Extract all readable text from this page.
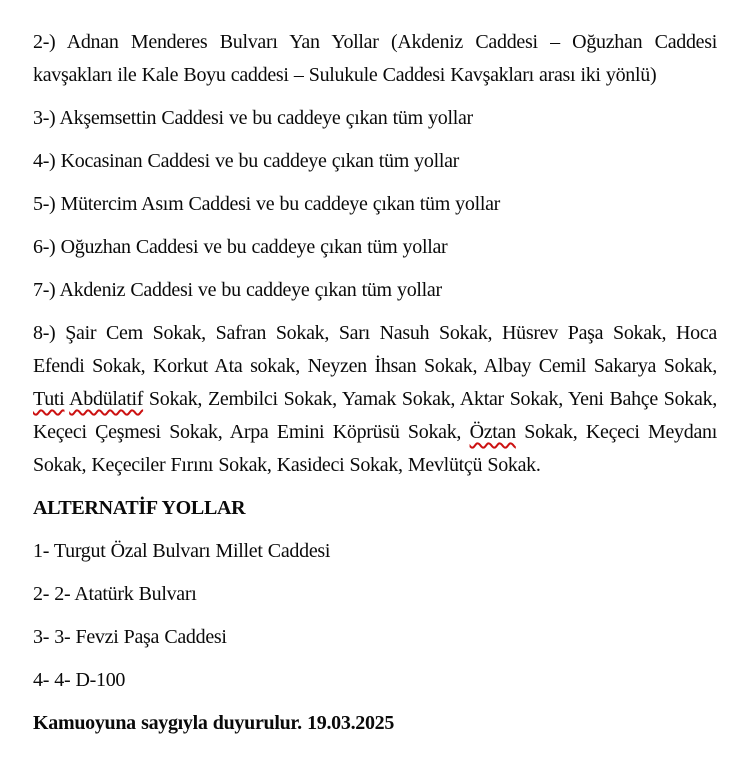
2-) Adnan Menderes Bulvarı Yan Yollar (Akdeniz Caddesi – Oğuzhan Caddesi kavşakları ile Kale Boyu caddesi – Sulukule Caddesi Kavşakları arası iki yönlü)

3-) Akşemsettin Caddesi ve bu caddeye çıkan tüm yollar

4-) Kocasinan Caddesi ve bu caddeye çıkan tüm yollar

5-) Mütercim Asım Caddesi ve bu caddeye çıkan tüm yollar

6-) Oğuzhan Caddesi ve bu caddeye çıkan tüm yollar

7-) Akdeniz Caddesi ve bu caddeye çıkan tüm yollar

8-) Şair Cem Sokak, Safran Sokak, Sarı Nasuh Sokak, Hüsrev Paşa Sokak, Hoca Efendi Sokak, Korkut Ata sokak, Neyzen İhsan Sokak, Albay Cemil Sakarya Sokak, Tuti Abdülatif Sokak, Zembilci Sokak, Yamak Sokak, Aktar Sokak, Yeni Bahçe Sokak, Keçeci Çeşmesi Sokak, Arpa Emini Köprüsü Sokak, Öztan Sokak, Keçeci Meydanı Sokak, Keçeciler Fırını Sokak, Kasideci Sokak, Mevlütçü Sokak.

ALTERNATİF YOLLAR

1- Turgut Özal Bulvarı Millet Caddesi

2- 2- Atatürk Bulvarı

3- 3- Fevzi Paşa Caddesi

4- 4- D-100

Kamuoyuna saygıyla duyurulur. 19.03.2025
